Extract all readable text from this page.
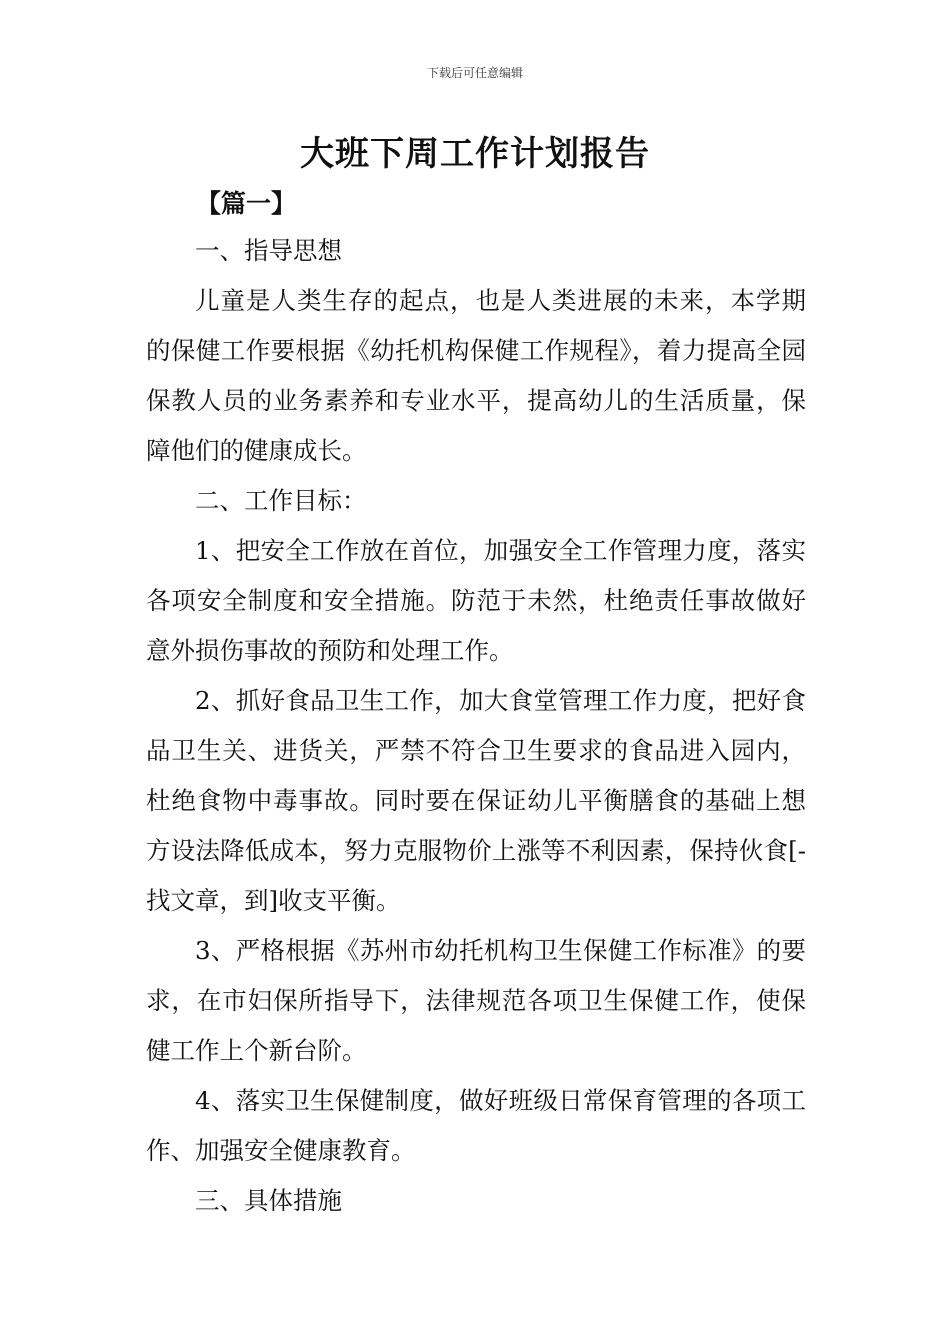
下载后可任意编辑
大班下周工作计划报告
【篇一】

一、指导思想

儿童是人类生存的起点，也是人类进展的未来，本学期的保健工作要根据《幼托机构保健工作规程》，着力提高全园保教人员的业务素养和专业水平，提高幼儿的生活质量，保障他们的健康成长。

二、工作目标：

1、把安全工作放在首位，加强安全工作管理力度，落实各项安全制度和安全措施。防范于未然，杜绝责任事故做好意外损伤事故的预防和处理工作。

2、抓好食品卫生工作，加大食堂管理工作力度，把好食品卫生关、进货关，严禁不符合卫生要求的食品进入园内，杜绝食物中毒事故。同时要在保证幼儿平衡膳食的基础上想方设法降低成本，努力克服物价上涨等不利因素，保持伙食[-找文章，到]收支平衡。

3、严格根据《苏州市幼托机构卫生保健工作标准》的要求，在市妇保所指导下，法律规范各项卫生保健工作，使保健工作上个新台阶。

4、落实卫生保健制度，做好班级日常保育管理的各项工作、加强安全健康教育。

三、具体措施
